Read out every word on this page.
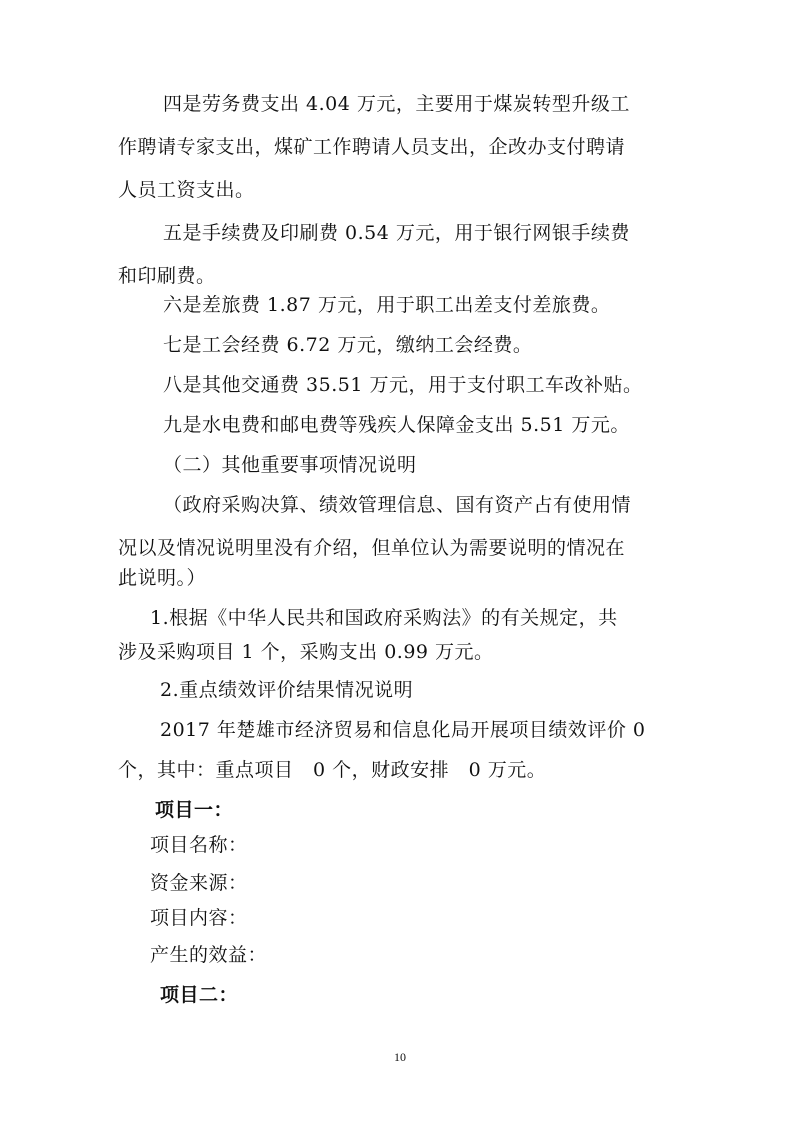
四是劳务费支出 4.04 万元，主要用于煤炭转型升级工
作聘请专家支出，煤矿工作聘请人员支出，企改办支付聘请
人员工资支出。
五是手续费及印刷费 0.54 万元，用于银行网银手续费
和印刷费。
六是差旅费 1.87 万元，用于职工出差支付差旅费。
七是工会经费 6.72 万元，缴纳工会经费。
八是其他交通费 35.51 万元，用于支付职工车改补贴。
九是水电费和邮电费等残疾人保障金支出 5.51 万元。
（二）其他重要事项情况说明
（政府采购决算、绩效管理信息、国有资产占有使用情
况以及情况说明里没有介绍，但单位认为需要说明的情况在
此说明。）
1.根据《中华人民共和国政府采购法》的有关规定，共
涉及采购项目 1 个，采购支出 0.99 万元。
2.重点绩效评价结果情况说明
2017 年楚雄市经济贸易和信息化局开展项目绩效评价 0
个，其中：重点项目　0 个，财政安排　0 万元。
项目一：
项目名称：
资金来源：
项目内容：
产生的效益：
项目二：
10
